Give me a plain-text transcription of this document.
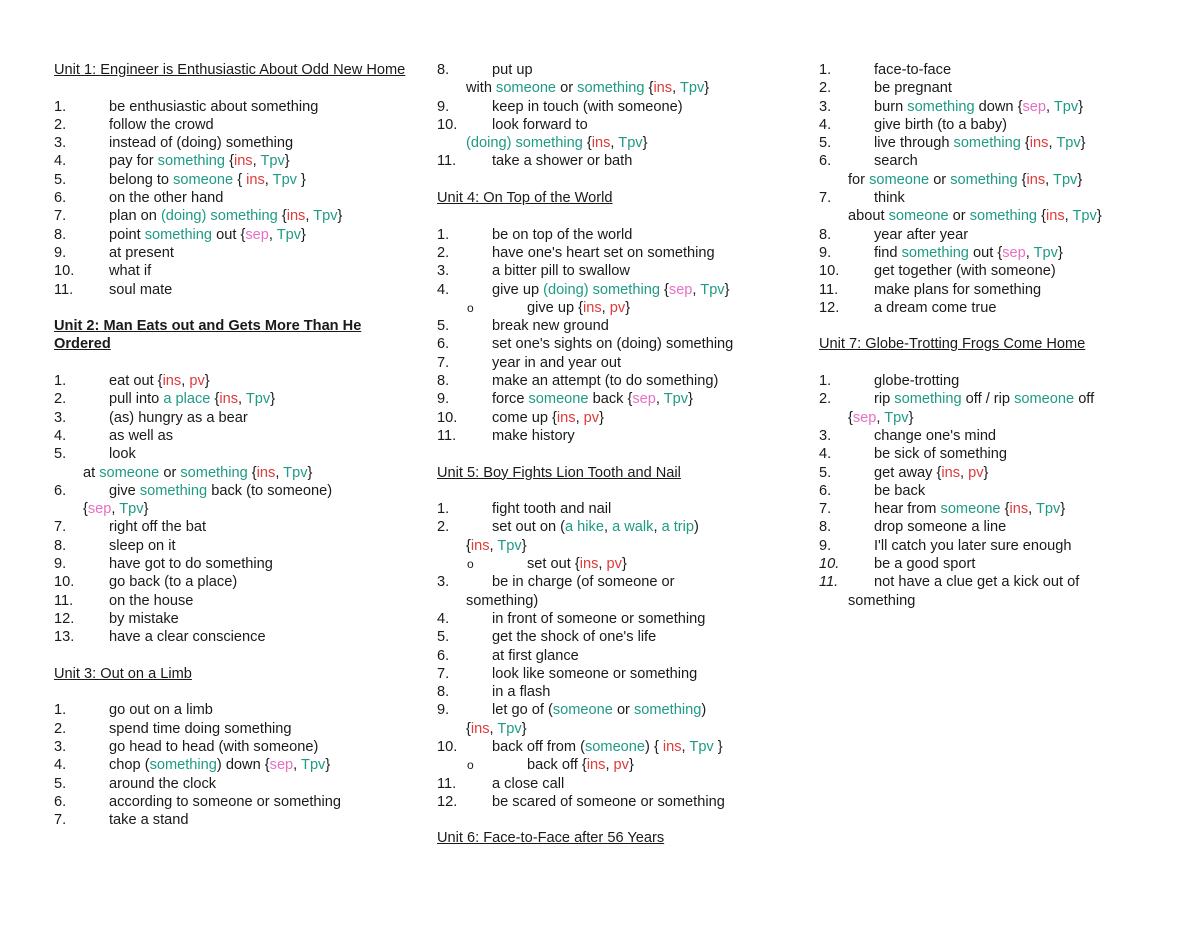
Unit 1: Engineer is Enthusiastic About Odd New Home
1.	be enthusiastic about something
2.	follow the crowd
3.	instead of (doing) something
4.	pay for something {ins, Tpv}
5.	belong to someone { ins, Tpv }
6.	on the other hand
7.	plan on (doing) something {ins, Tpv}
8.	point something out {sep, Tpv}
9.	at present
10. what if
11. soul mate
Unit 2: Man Eats out and Gets More Than He Ordered
1.	eat out {ins, pv}
2.	pull into a place {ins, Tpv}
3.	(as) hungry as a bear
4.	as well as
5.	look
at someone or something {ins, Tpv}
6.	give something back (to someone)
{sep, Tpv}
7.	right off the bat
8.	sleep on it
9.	have got to do something
10. go back (to a place)
11. on the house
12. by mistake
13. have a clear conscience
Unit 3: Out on a Limb
1.	go out on a limb
2.	spend time doing something
3.	go head to head (with someone)
4.	chop (something) down {sep, Tpv}
5.	around the clock
6.	according to someone or something
7.	take a stand
8.	put up
with someone or something {ins, Tpv}
9.	keep in touch (with someone)
10. look forward to
(doing) something {ins, Tpv}
11. take a shower or bath
Unit 4: On Top of the World
1.	be on top of the world
2.	have one's heart set on something
3.	a bitter pill to swallow
4.	give up (doing) something {sep, Tpv}
o	give up {ins, pv}
5.	break new ground
6.	set one's sights on (doing) something
7.	year in and year out
8.	make an attempt (to do something)
9.	force someone back {sep, Tpv}
10. come up {ins, pv}
11. make history
Unit 5: Boy Fights Lion Tooth and Nail
1.	fight tooth and nail
2.	set out on (a hike, a walk, a trip)
{ins, Tpv}
o	set out {ins, pv}
3.	be in charge (of someone or
something)
4.	in front of someone or something
5.	get the shock of one's life
6.	at first glance
7.	look like someone or something
8.	in a flash
9.	let go of (someone or something)
{ins, Tpv}
10. back off from (someone) { ins, Tpv }
o	back off {ins, pv}
11. a close call
12. be scared of someone or something
Unit 6: Face-to-Face after 56 Years
1.	face-to-face
2.	be pregnant
3.	burn something down {sep, Tpv}
4.	give birth (to a baby)
5.	live through something {ins, Tpv}
6.	search
for someone or something {ins, Tpv}
7.	think
about someone or something {ins, Tpv}
8.	year after year
9.	find something out {sep, Tpv}
10. get together (with someone)
11. make plans for something
12. a dream come true
Unit 7: Globe-Trotting Frogs Come Home
1.	globe-trotting
2.	rip something off / rip someone off
{sep, Tpv}
3.	change one's mind
4.	be sick of something
5.	get away {ins, pv}
6.	be back
7.	hear from someone {ins, Tpv}
8.	drop someone a line
9.	I'll catch you later sure enough
10. be a good sport
11. not have a clue get a kick out of
something
